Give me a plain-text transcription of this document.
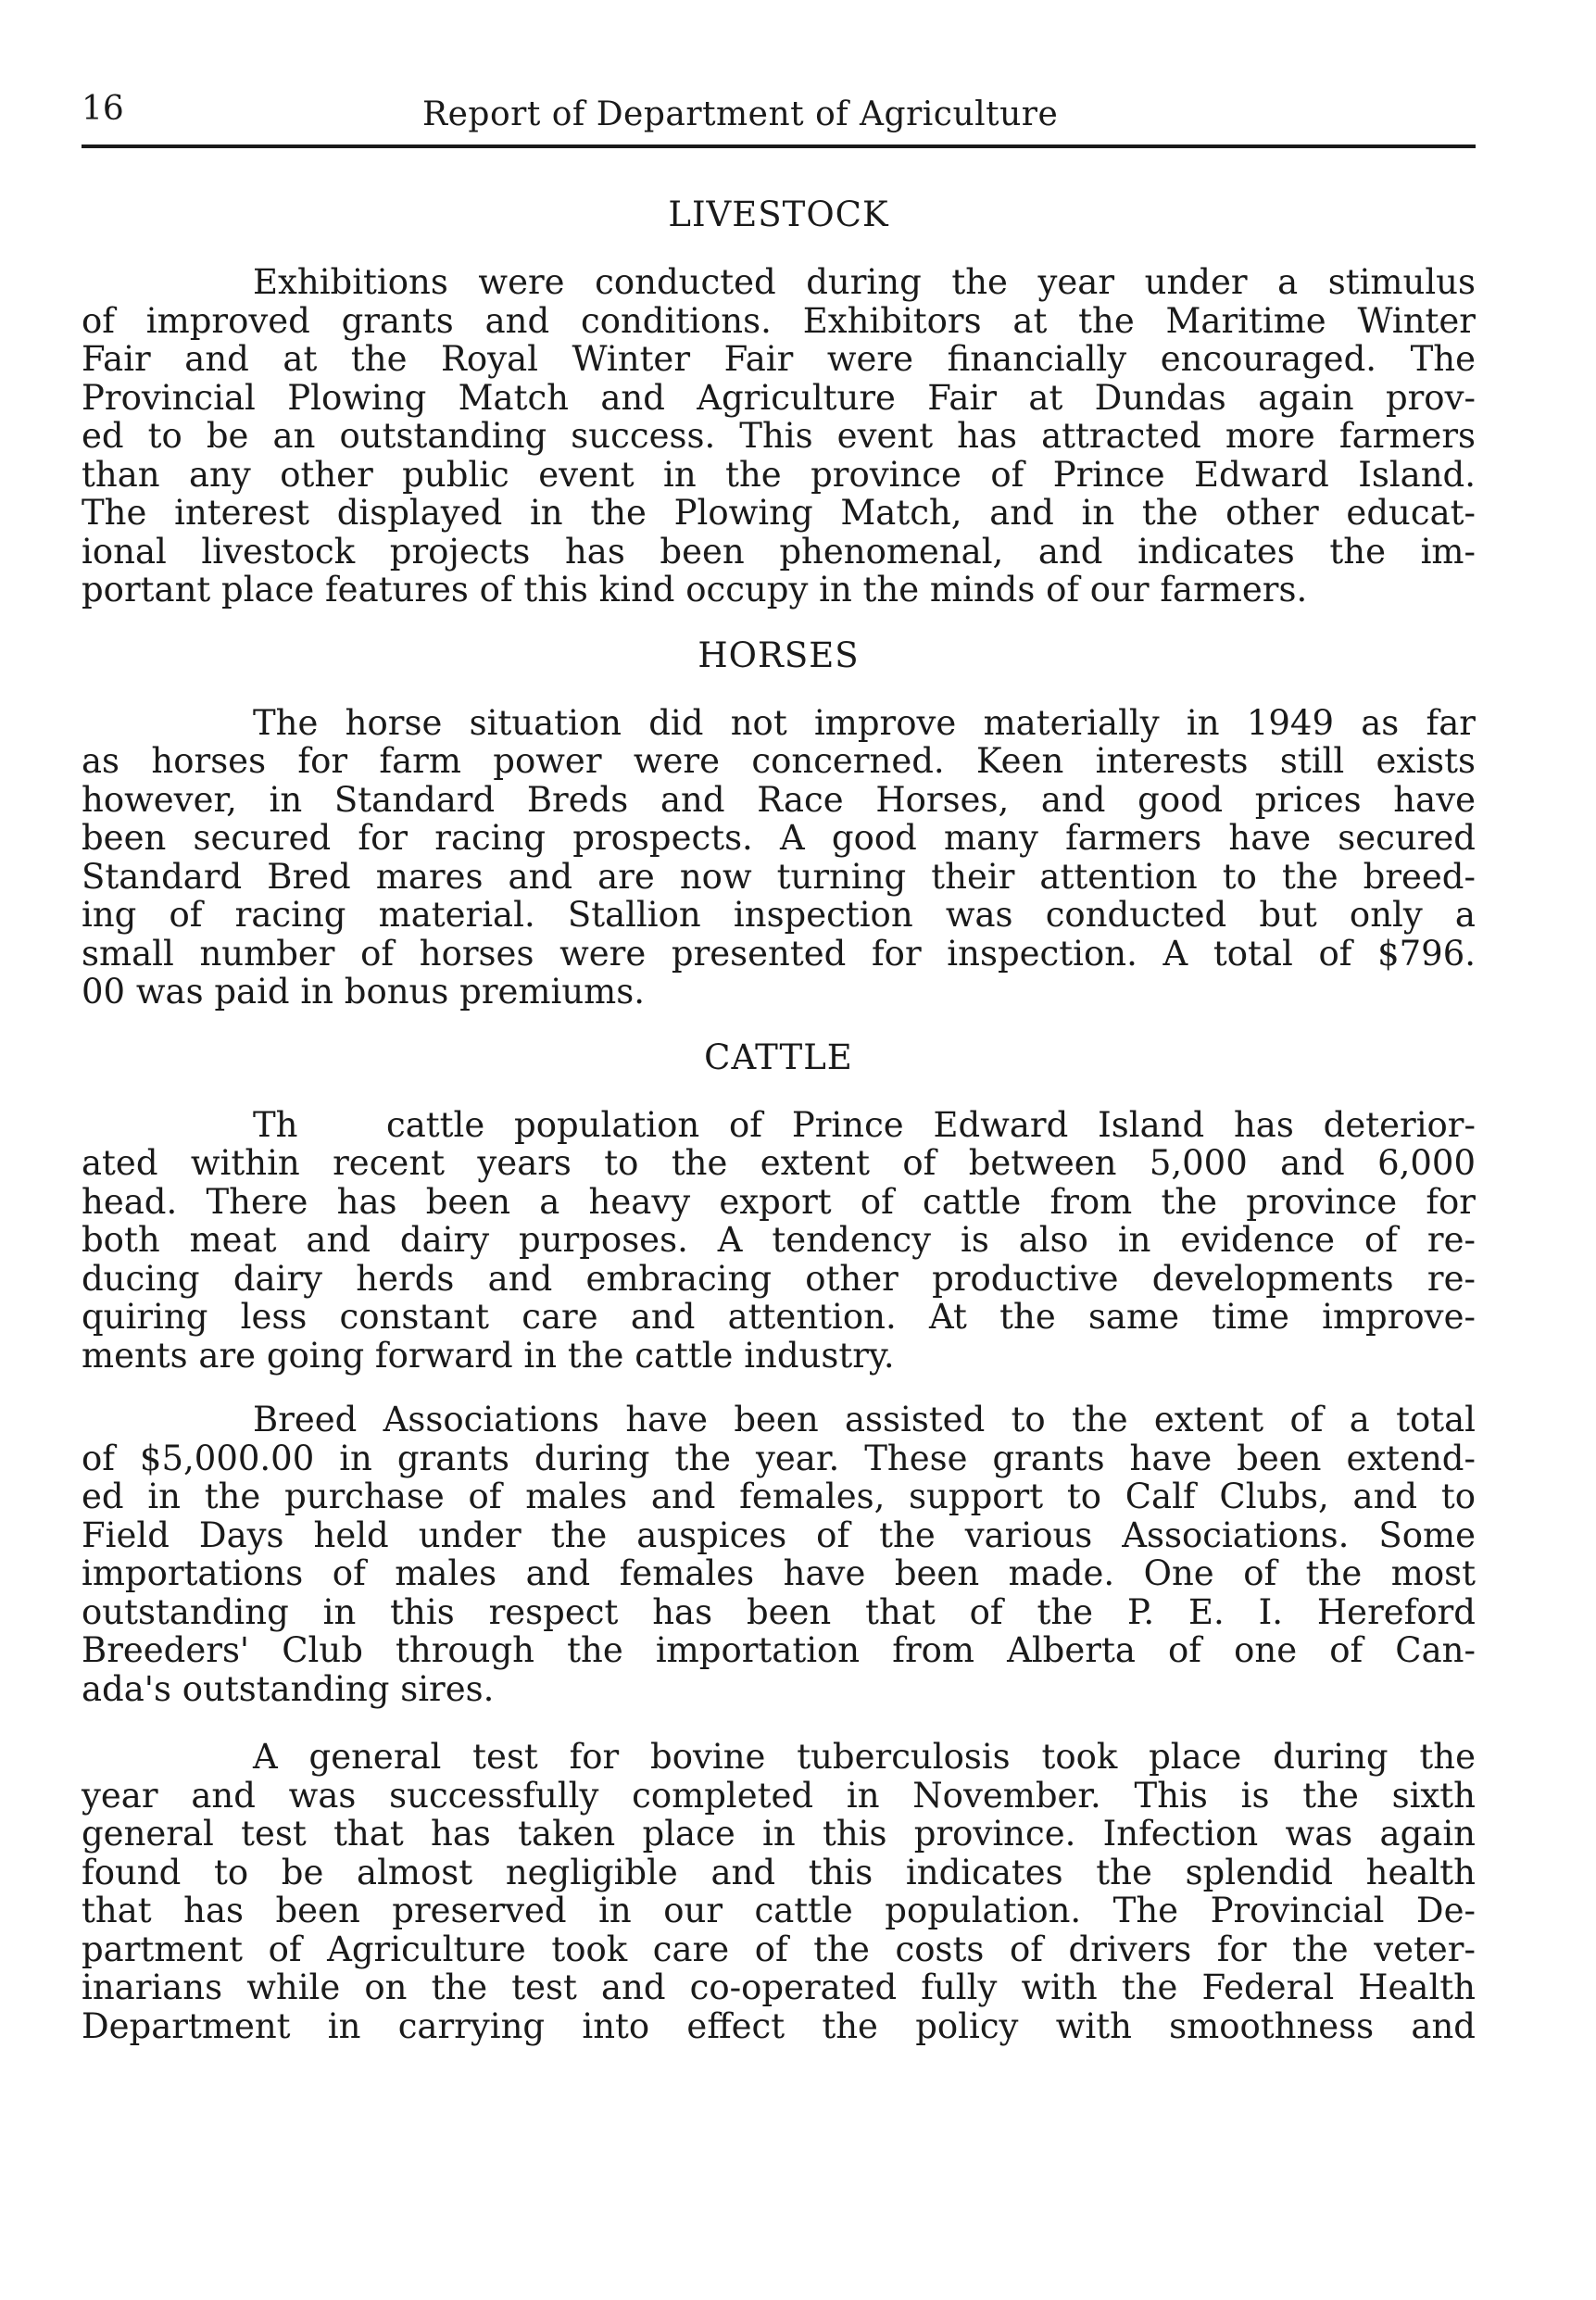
16	Report of Department of Agriculture
LIVESTOCK
Exhibitions were conducted during the year under a stimulus
of improved grants and conditions. Exhibitors at the Maritime Winter
Fair and at the Royal Winter Fair were financially encouraged. The
Provincial Plowing Match and Agriculture Fair at Dundas again prov-
ed to be an outstanding success. This event has attracted more farmers
than any other public event in the province of Prince Edward Island.
The interest displayed in the Plowing Match, and in the other educat-
ional livestock projects has been phenomenal, and indicates the im-
portant place features of this kind occupy in the minds of our farmers.
HORSES
The horse situation did not improve materially in 1949 as far
as horses for farm power were concerned. Keen interests still exists
however, in Standard Breds and Race Horses, and good prices have
been secured for racing prospects. A good many farmers have secured
Standard Bred mares and are now turning their attention to the breed-
ing of racing material. Stallion inspection was conducted but only a
small number of horses were presented for inspection. A total of $796.
00 was paid in bonus premiums.
CATTLE
Th   cattle population of Prince Edward Island has deterior-
ated within recent years to the extent of between 5,000 and 6,000
head. There has been a heavy export of cattle from the province for
both meat and dairy purposes. A tendency is also in evidence of re-
ducing dairy herds and embracing other productive developments re-
quiring less constant care and attention. At the same time improve-
ments are going forward in the cattle industry.
Breed Associations have been assisted to the extent of a total
of $5,000.00 in grants during the year. These grants have been extend-
ed in the purchase of males and females, support to Calf Clubs, and to
Field Days held under the auspices of the various Associations. Some
importations of males and females have been made. One of the most
outstanding in this respect has been that of the P. E. I. Hereford
Breeders' Club through the importation from Alberta of one of Can-
ada's outstanding sires.
A general test for bovine tuberculosis took place during the
year and was successfully completed in November. This is the sixth
general test that has taken place in this province. Infection was again
found to be almost negligible and this indicates the splendid health
that has been preserved in our cattle population. The Provincial De-
partment of Agriculture took care of the costs of drivers for the veter-
inarians while on the test and co-operated fully with the Federal Health
Department in carrying into effect the policy with smoothness and
